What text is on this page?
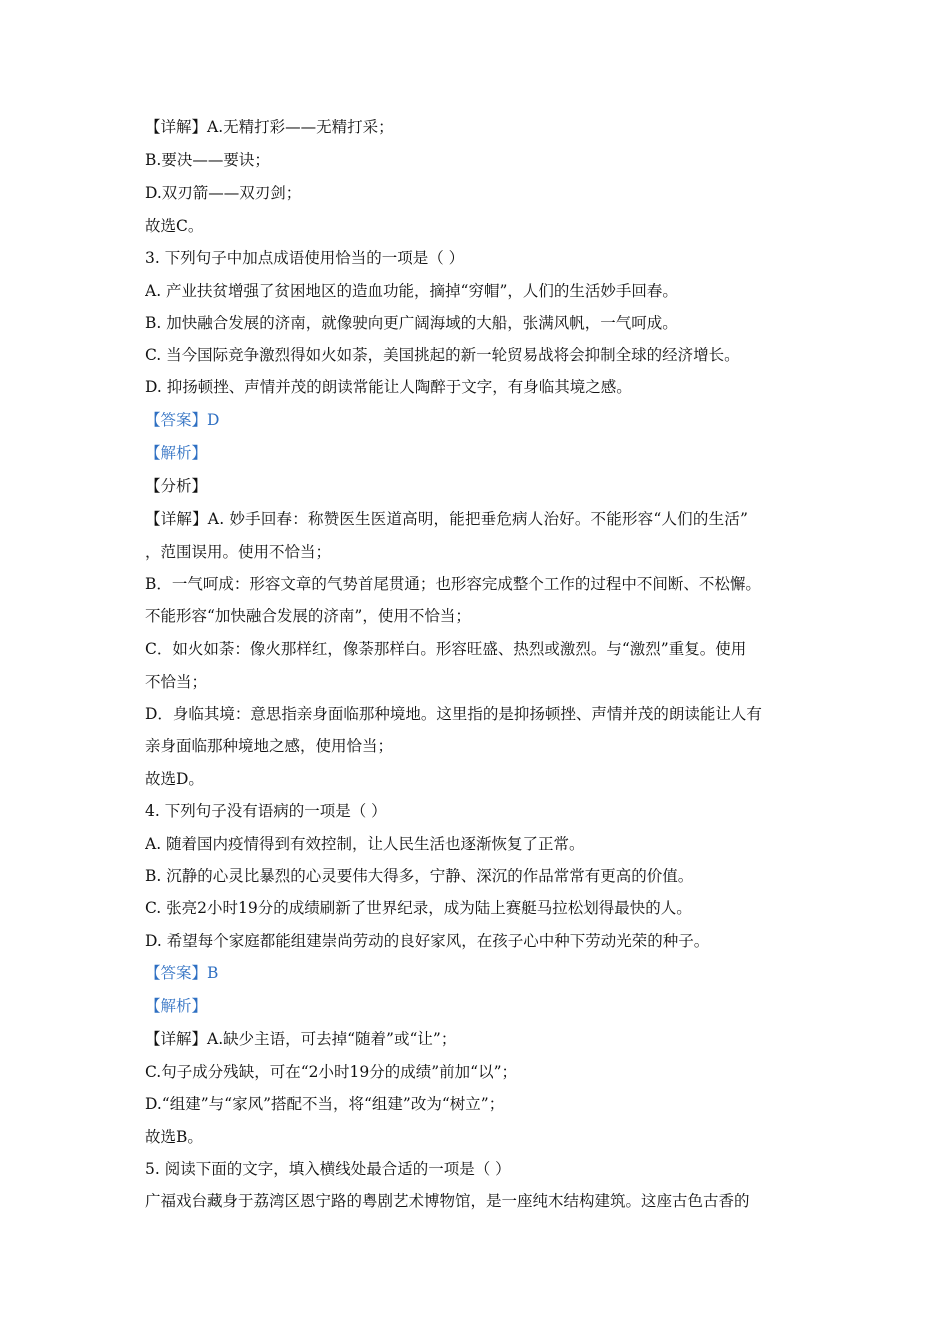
【详解】A.无精打彩——无精打采；
B.要决——要诀；
D.双刃箭——双刃剑；
故选C。
3. 下列句子中加点成语使用恰当的一项是（ ）
A. 产业扶贫增强了贫困地区的造血功能，摘掉“穷帽”，人们的生活妙手回春。
B. 加快融合发展的济南，就像驶向更广阔海域的大船，张满风帆，一气呵成。
C. 当今国际竞争激烈得如火如荼，美国挑起的新一轮贸易战将会抑制全球的经济增长。
D. 抑扬顿挫、声情并茂的朗读常能让人陶醉于文字，有身临其境之感。
【答案】D
【解析】
【分析】
【详解】A. 妙手回春：称赞医生医道高明，能把垂危病人治好。不能形容“人们的生活”
，范围误用。使用不恰当；
B．一气呵成：形容文章的气势首尾贯通；也形容完成整个工作的过程中不间断、不松懈。
不能形容“加快融合发展的济南”，使用不恰当；
C．如火如荼：像火那样红，像荼那样白。形容旺盛、热烈或激烈。与“激烈”重复。使用
不恰当；
D．身临其境：意思指亲身面临那种境地。这里指的是抑扬顿挫、声情并茂的朗读能让人有
亲身面临那种境地之感，使用恰当；
故选D。
4. 下列句子没有语病的一项是（ ）
A. 随着国内疫情得到有效控制，让人民生活也逐渐恢复了正常。
B. 沉静的心灵比暴烈的心灵要伟大得多，宁静、深沉的作品常常有更高的价值。
C. 张亮2小时19分的成绩刷新了世界纪录，成为陆上赛艇马拉松划得最快的人。
D. 希望每个家庭都能组建崇尚劳动的良好家风，在孩子心中种下劳动光荣的种子。
【答案】B
【解析】
【详解】A.缺少主语，可去掉“随着”或“让”；
C.句子成分残缺，可在“2小时19分的成绩”前加“以”；
D.“组建”与“家风”搭配不当，将“组建”改为“树立”；
故选B。
5. 阅读下面的文字，填入横线处最合适的一项是（ ）
广福戏台藏身于荔湾区恩宁路的粤剧艺术博物馆，是一座纯木结构建筑。这座古色古香的
